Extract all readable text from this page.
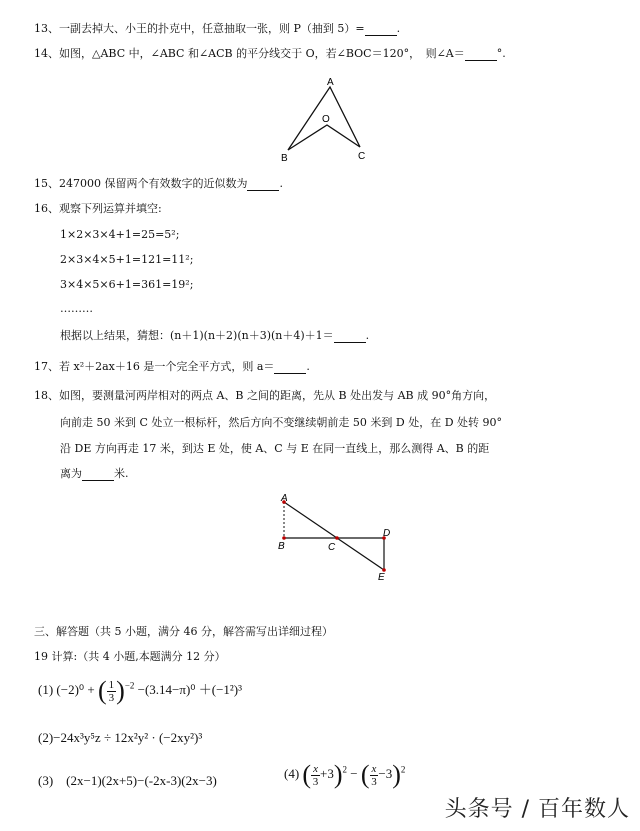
13、一副去掉大、小王的扑克中，任意抽取一张，则 P（抽到 5）=	.
14、如图，△ABC 中，∠ABC 和∠ACB 的平分线交于 O，若∠BOC＝120°，　则∠A＝	°.
A
O
B	C
15、247000 保留两个有效数字的近似数为	.
16、观察下列运算并填空:
1×2×3×4+1=25=5²;
2×3×4×5+1=121=11²;
3×4×5×6+1=361=19²;
………
根据以上结果，猜想：(n＋1)(n＋2)(n＋3)(n＋4)＋1＝	.
17、若 x²＋2ax＋16 是一个完全平方式，则 a＝	.
18、如图，要测量河两岸相对的两点 A、B 之间的距离，先从 B 处出发与 AB 成 90°角方向，
向前走 50 米到 C 处立一根标杆，然后方向不变继续朝前走 50 米到 D 处，在 D 处转 90°
沿 DE 方向再走 17 米，到达 E 处，使 A、C 与 E 在同一直线上，那么测得 A、B 的距
离为	米.
A
B	C
D
E
三、解答题（共 5 小题，满分 46 分，解答需写出详细过程）
19 计算:（共 4 小题,本题满分 12 分）
(1) (−2)⁰ + ( $\frac{1}{3} )^{-2} -(3.14-\pi)^0 +(-1^2)^3$
(2)−24x³y⁵z ÷ 12x²y² · (−2xy²)³
(3)　(2x−1)(2x+5)−(-2x-3)(2x−3)	(4) ( $\frac{x}{3} +3)^2$ − ( $\frac{x}{3} -3)^2$
头条号 / 百年数人
